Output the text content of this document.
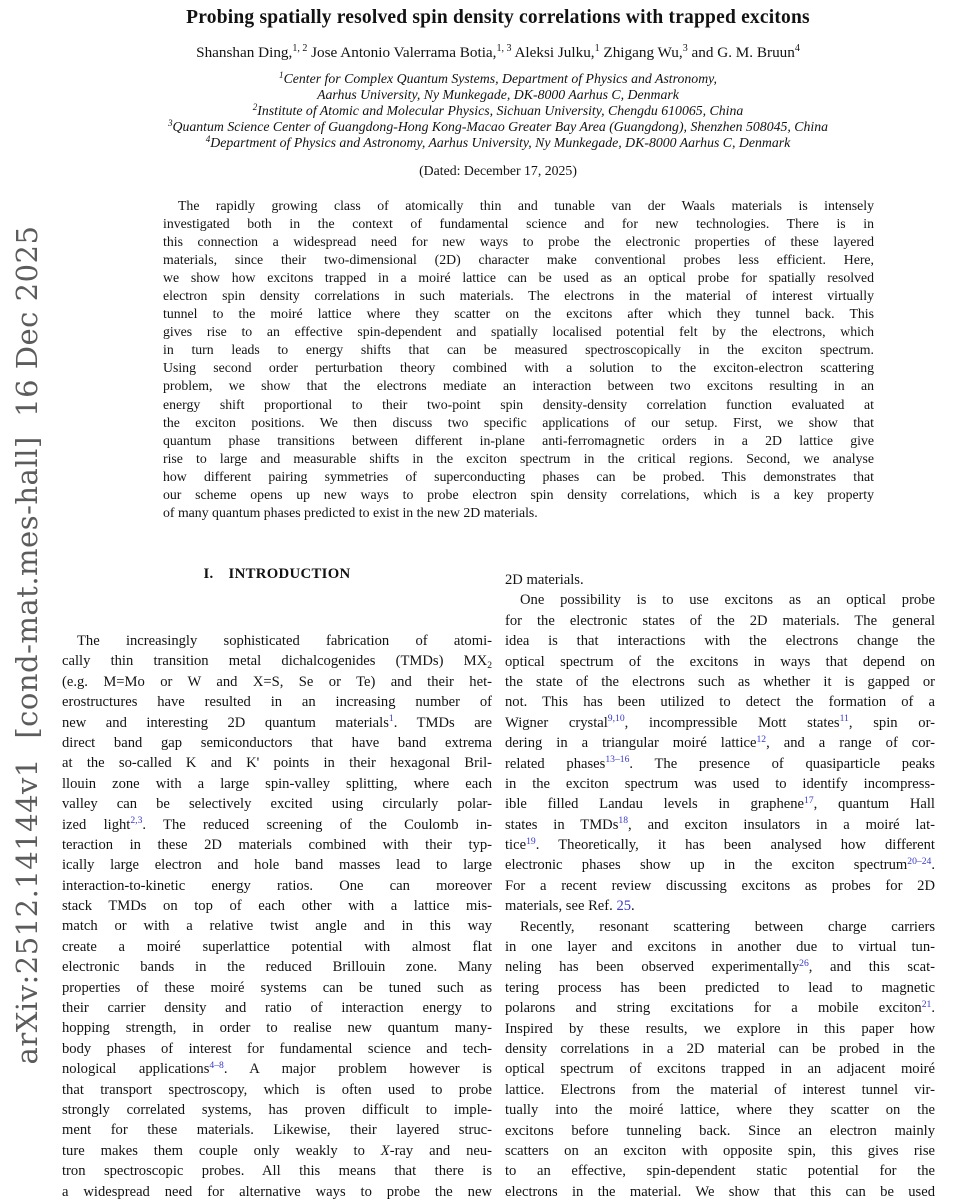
arXiv:2512.14144v1  [cond-mat.mes-hall]  16 Dec 2025
Probing spatially resolved spin density correlations with trapped excitons
Shanshan Ding,$^{1, 2}$ Jose Antonio Valerrama Botia,$^{1, 3}$ Aleksi Julku,$^1$ Zhigang Wu,$^3$ and G. M. Bruun$^4$
$^1$Center for Complex Quantum Systems, Department of Physics and Astronomy,
Aarhus University, Ny Munkegade, DK-8000 Aarhus C, Denmark
$^2$Institute of Atomic and Molecular Physics, Sichuan University, Chengdu 610065, China
$^3$Quantum Science Center of Guangdong-Hong Kong-Macao Greater Bay Area (Guangdong), Shenzhen 508045, China
$^4$Department of Physics and Astronomy, Aarhus University, Ny Munkegade, DK-8000 Aarhus C, Denmark
(Dated: December 17, 2025)
The rapidly growing class of atomically thin and tunable van der Waals materials is intensely
investigated both in the context of fundamental science and for new technologies. There is in
this connection a widespread need for new ways to probe the electronic properties of these layered
materials, since their two-dimensional (2D) character make conventional probes less efficient. Here,
we show how excitons trapped in a moiré lattice can be used as an optical probe for spatially resolved
electron spin density correlations in such materials. The electrons in the material of interest virtually
tunnel to the moiré lattice where they scatter on the excitons after which they tunnel back. This
gives rise to an effective spin-dependent and spatially localised potential felt by the electrons, which
in turn leads to energy shifts that can be measured spectroscopically in the exciton spectrum.
Using second order perturbation theory combined with a solution to the exciton-electron scattering
problem, we show that the electrons mediate an interaction between two excitons resulting in an
energy shift proportional to their two-point spin density-density correlation function evaluated at
the exciton positions. We then discuss two specific applications of our setup. First, we show that
quantum phase transitions between different in-plane anti-ferromagnetic orders in a 2D lattice give
rise to large and measurable shifts in the exciton spectrum in the critical regions. Second, we analyse
how different pairing symmetries of superconducting phases can be probed. This demonstrates that
our scheme opens up new ways to probe electron spin density correlations, which is a key property
of many quantum phases predicted to exist in the new 2D materials.
I. INTRODUCTION
The increasingly sophisticated fabrication of atomi-
cally thin transition metal dichalcogenides (TMDs) $MX_2$
(e.g. M=Mo or W and X=S, Se or Te) and their het-
erostructures have resulted in an increasing number of
new and interesting 2D quantum materials$^1$. TMDs are
direct band gap semiconductors that have band extrema
at the so-called K and K' points in their hexagonal Bril-
llouin zone with a large spin-valley splitting, where each
valley can be selectively excited using circularly polar-
ized light$^{2,3}$. The reduced screening of the Coulomb in-
teraction in these 2D materials combined with their typ-
ically large electron and hole band masses lead to large
interaction-to-kinetic energy ratios. One can moreover
stack TMDs on top of each other with a lattice mis-
match or with a relative twist angle and in this way
create a moiré superlattice potential with almost flat
electronic bands in the reduced Brillouin zone. Many
properties of these moiré systems can be tuned such as
their carrier density and ratio of interaction energy to
hopping strength, in order to realise new quantum many-
body phases of interest for fundamental science and tech-
nological applications$^{4-8}$. A major problem however is
that transport spectroscopy, which is often used to probe
strongly correlated systems, has proven difficult to imple-
ment for these materials. Likewise, their layered struc-
ture makes them couple only weakly to X-ray and neu-
tron spectroscopic probes. All this means that there is
a widespread need for alternative ways to probe the new
2D materials.
One possibility is to use excitons as an optical probe
for the electronic states of the 2D materials. The general
idea is that interactions with the electrons change the
optical spectrum of the excitons in ways that depend on
the state of the electrons such as whether it is gapped or
not. This has been utilized to detect the formation of a
Wigner crystal$^{9,10}$, incompressible Mott states$^{11}$, spin or-
dering in a triangular moiré lattice$^{12}$, and a range of cor-
related phases$^{13-16}$. The presence of quasiparticle peaks
in the exciton spectrum was used to identify incompress-
ible filled Landau levels in graphene$^{17}$, quantum Hall
states in TMDs$^{18}$, and exciton insulators in a moiré lat-
tice$^{19}$. Theoretically, it has been analysed how different
electronic phases show up in the exciton spectrum$^{20-24}$.
For a recent review discussing excitons as probes for 2D
materials, see Ref. 25.
Recently, resonant scattering between charge carriers
in one layer and excitons in another due to virtual tun-
neling has been observed experimentally$^{26}$, and this scat-
tering process has been predicted to lead to magnetic
polarons and string excitations for a mobile exciton$^{21}$.
Inspired by these results, we explore in this paper how
density correlations in a 2D material can be probed in the
optical spectrum of excitons trapped in an adjacent moiré
lattice. Electrons from the material of interest tunnel vir-
tually into the moiré lattice, where they scatter on the
excitons before tunneling back. Since an electron mainly
scatters on an exciton with opposite spin, this gives rise
to an effective, spin-dependent static potential for the
electrons in the material. We show that this can be used
